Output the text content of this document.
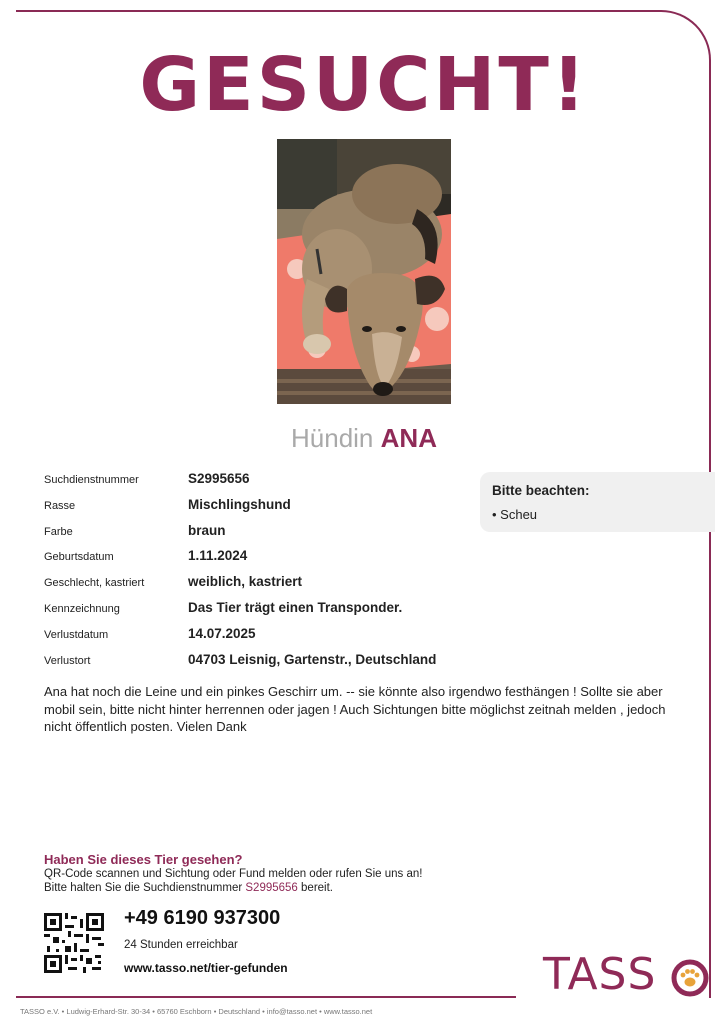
GESUCHT!
Hündin ANA
Suchdienstnummer	S2995656
Rasse	Mischlingshund
Farbe	braun
Geburtsdatum	1.11.2024
Geschlecht, kastriert	weiblich, kastriert
Kennzeichnung	Das Tier trägt einen Transponder.
Verlustdatum	14.07.2025
Verlustort	04703 Leisnig, Gartenstr., Deutschland
Bitte beachten:
• Scheu
Ana hat noch die Leine und ein pinkes Geschirr um. -- sie könnte also irgendwo festhängen ! Sollte sie aber mobil sein, bitte nicht hinter herrennen oder jagen ! Auch Sichtungen bitte möglichst zeitnah melden , jedoch nicht öffentlich posten. Vielen Dank
Haben Sie dieses Tier gesehen?
QR-Code scannen und Sichtung oder Fund melden oder rufen Sie uns an!
Bitte halten Sie die Suchdienstnummer S2995656 bereit.
+49 6190 937300
24 Stunden erreichbar
www.tasso.net/tier-gefunden	TASS
TASSO e.V. • Ludwig-Erhard-Str. 30-34 • 65760 Eschborn • Deutschland • info@tasso.net • www.tasso.net
